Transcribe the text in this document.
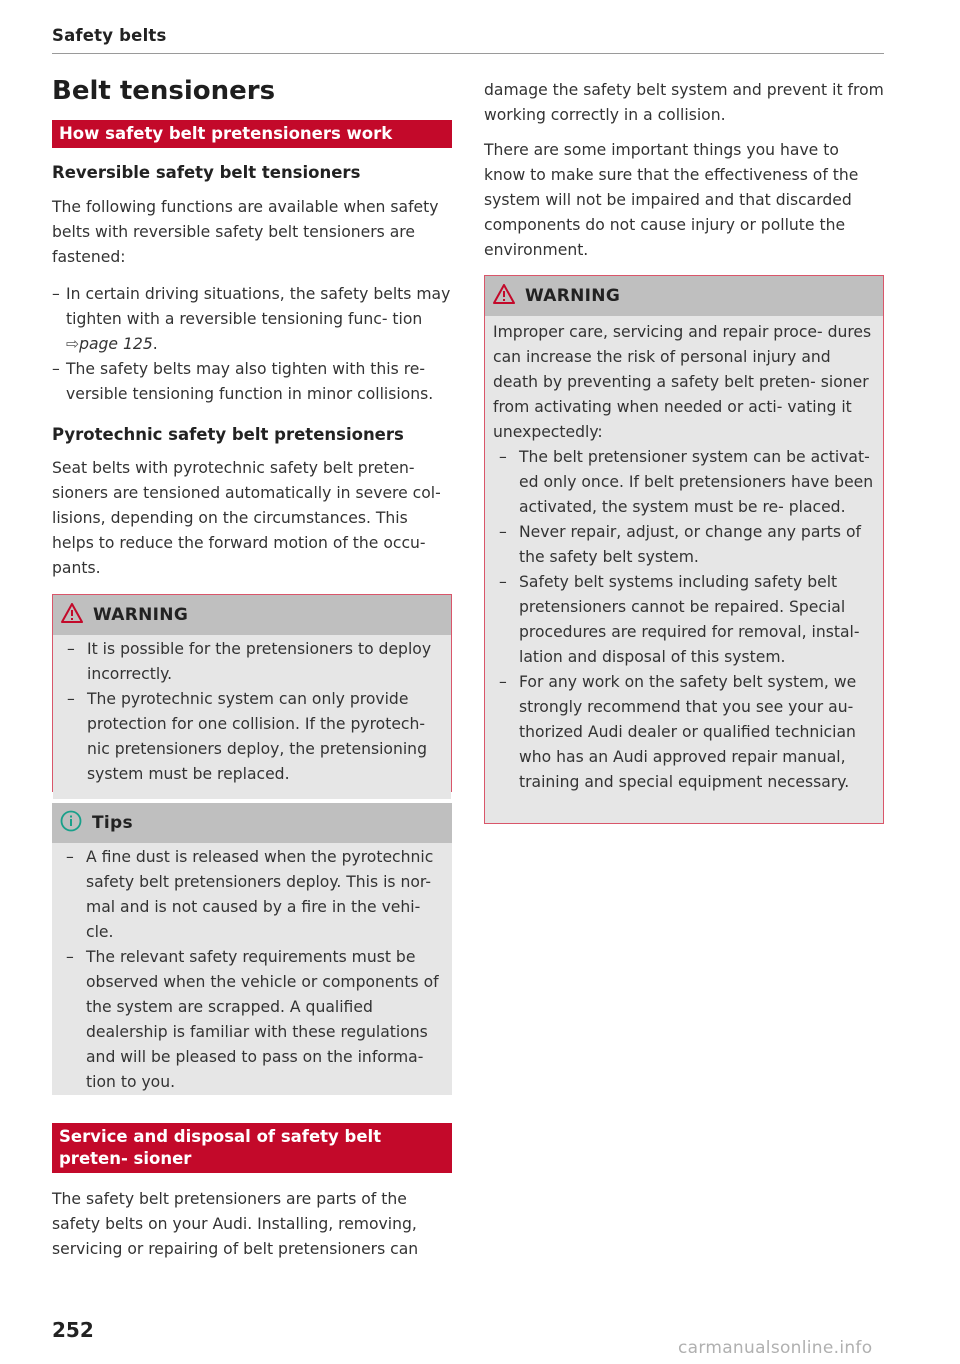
Safety belts
Belt tensioners
How safety belt pretensioners work
Reversible safety belt tensioners

The following functions are available when safety belts with reversible safety belt tensioners are fastened:

– In certain driving situations, the safety belts may tighten with a reversible tensioning func- tion ⇨page 125.
– The safety belts may also tighten with this re- versible tensioning function in minor collisions.
Pyrotechnic safety belt pretensioners

Seat belts with pyrotechnic safety belt preten- sioners are tensioned automatically in severe col- lisions, depending on the circumstances. This helps to reduce the forward motion of the occu- pants.

WARNING
– It is possible for the pretensioners to deploy incorrectly.
– The pyrotechnic system can only provide protection for one collision. If the pyrotech- nic pretensioners deploy, the pretensioning system must be replaced.
Tips
– A fine dust is released when the pyrotechnic safety belt pretensioners deploy. This is nor- mal and is not caused by a fire in the vehi- cle.
– The relevant safety requirements must be observed when the vehicle or components of the system are scrapped. A qualified dealership is familiar with these regulations and will be pleased to pass on the informa- tion to you.
Service and disposal of safety belt preten- sioner

The safety belt pretensioners are parts of the safety belts on your Audi. Installing, removing, servicing or repairing of belt pretensioners can

damage the safety belt system and prevent it from working correctly in a collision.

There are some important things you have to know to make sure that the effectiveness of the system will not be impaired and that discarded components do not cause injury or pollute the environment.

WARNING

Improper care, servicing and repair proce- dures can increase the risk of personal injury and death by preventing a safety belt preten- sioner from activating when needed or acti- vating it unexpectedly:

– The belt pretensioner system can be activat- ed only once. If belt pretensioners have been activated, the system must be re- placed.
– Never repair, adjust, or change any parts of the safety belt system.
– Safety belt systems including safety belt pretensioners cannot be repaired. Special procedures are required for removal, instal- lation and disposal of this system.
– For any work on the safety belt system, we strongly recommend that you see your au- thorized Audi dealer or qualified technician who has an Audi approved repair manual, training and special equipment necessary.
252
carmanualsonline.info
